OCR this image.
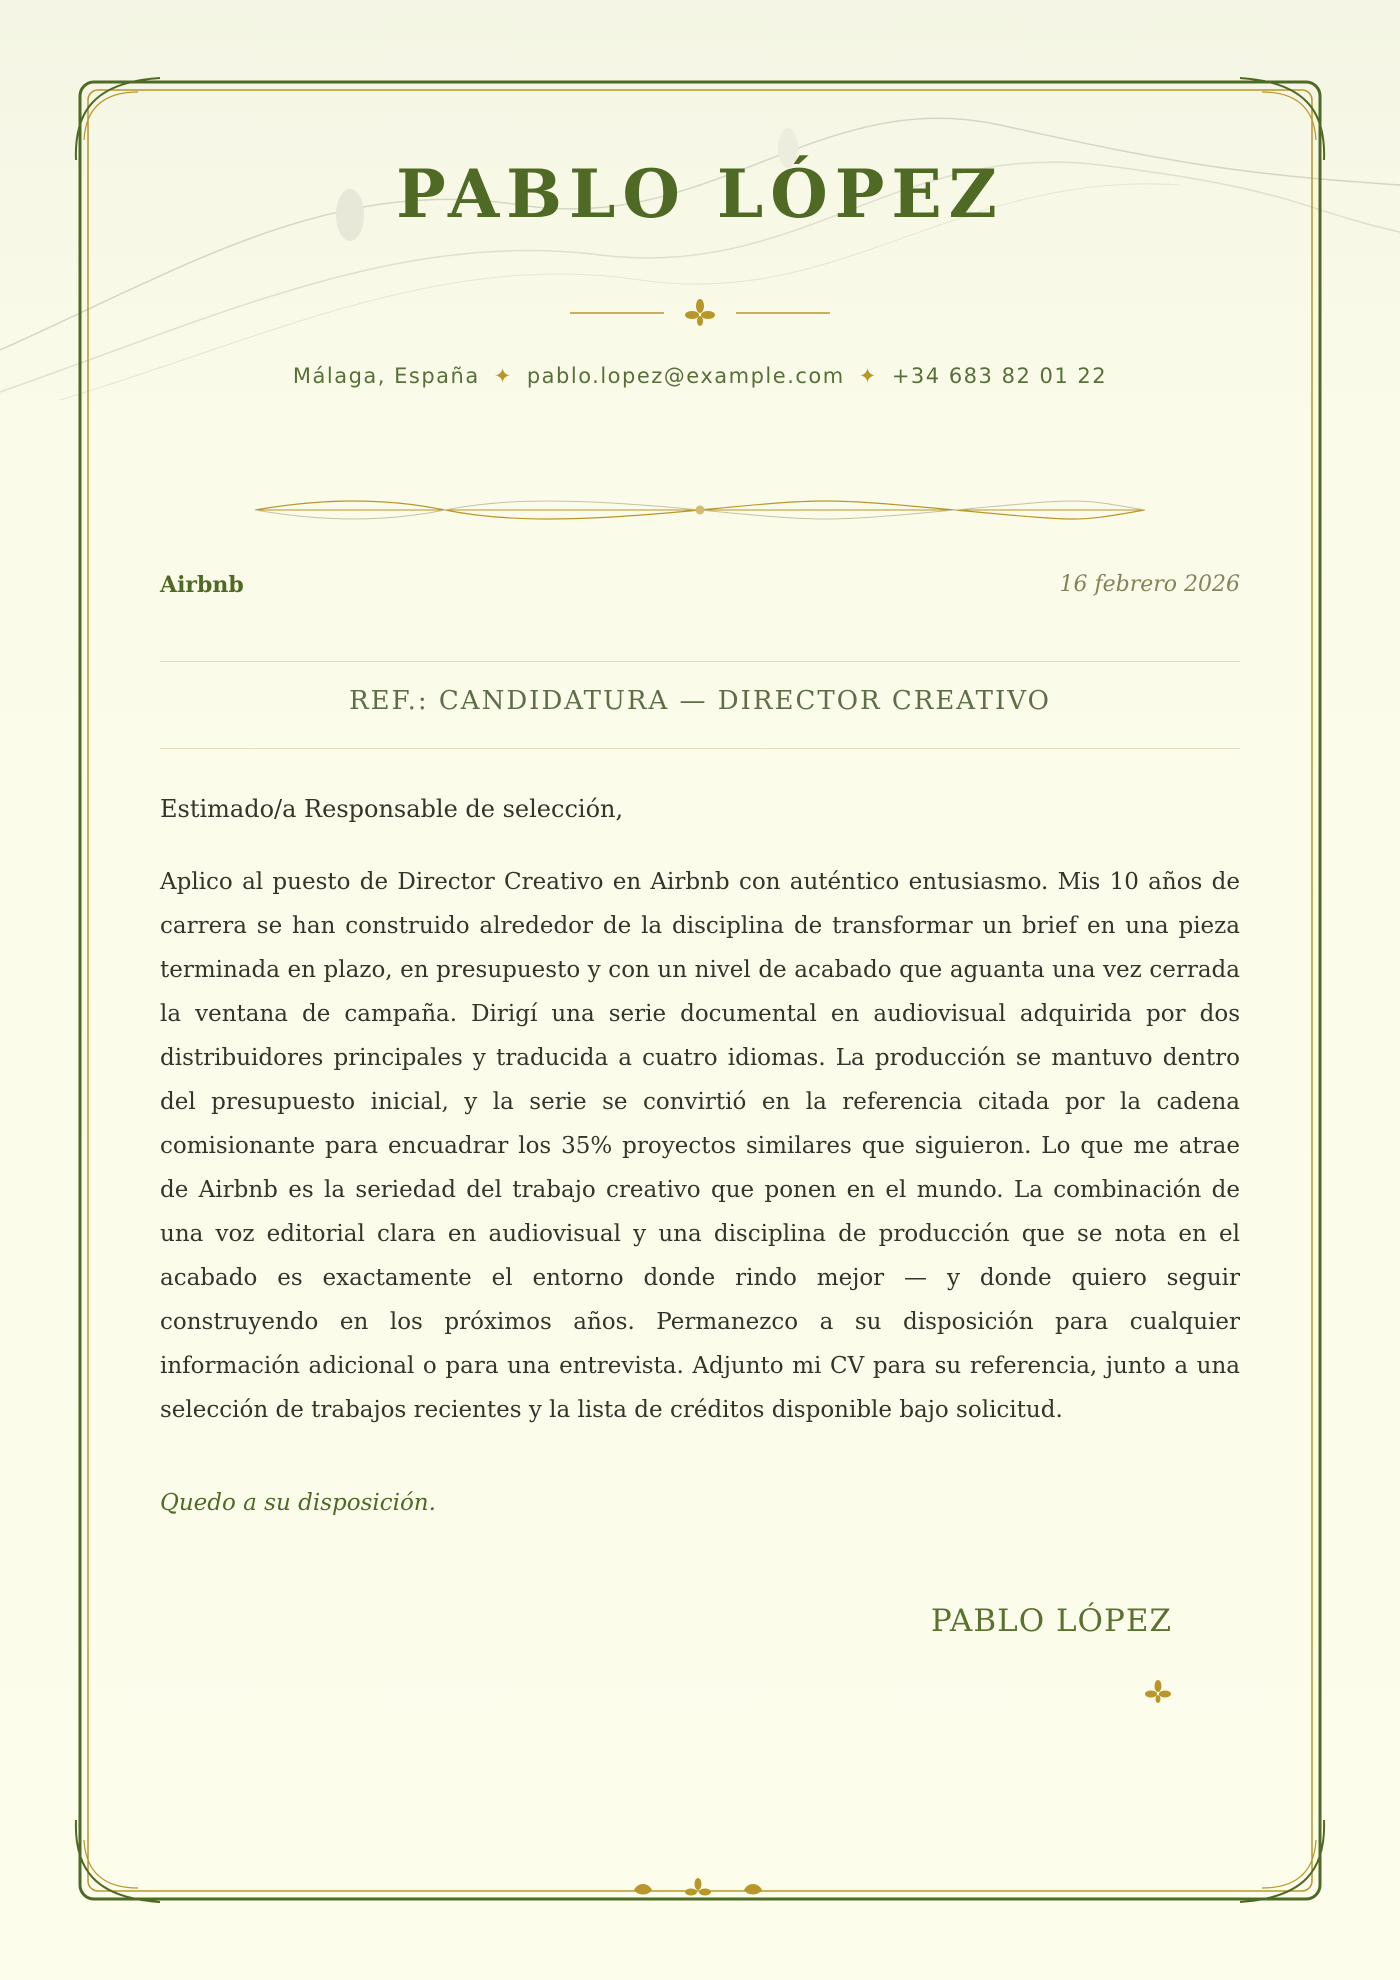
PABLO LÓPEZ
Málaga, España ✦ pablo.lopez@example.com ✦ +34 683 82 01 22
Airbnb	16 febrero 2026
REF.: CANDIDATURA — DIRECTOR CREATIVO
Estimado/a Responsable de selección,

Aplico al puesto de Director Creativo en Airbnb con auténtico entusiasmo. Mis 10 años de carrera se han construido alrededor de la disciplina de transformar un brief en una pieza terminada en plazo, en presupuesto y con un nivel de acabado que aguanta una vez cerrada la ventana de campaña. Dirigí una serie documental en audiovisual adquirida por dos distribuidores principales y traducida a cuatro idiomas. La producción se mantuvo dentro del presupuesto inicial, y la serie se convirtió en la referencia citada por la cadena comisionante para encuadrar los 35% proyectos similares que siguieron. Lo que me atrae de Airbnb es la seriedad del trabajo creativo que ponen en el mundo. La combinación de una voz editorial clara en audiovisual y una disciplina de producción que se nota en el acabado es exactamente el entorno donde rindo mejor — y donde quiero seguir construyendo en los próximos años. Permanezco a su disposición para cualquier información adicional o para una entrevista. Adjunto mi CV para su referencia, junto a una selección de trabajos recientes y la lista de créditos disponible bajo solicitud.

Quedo a su disposición.
PABLO LÓPEZ
